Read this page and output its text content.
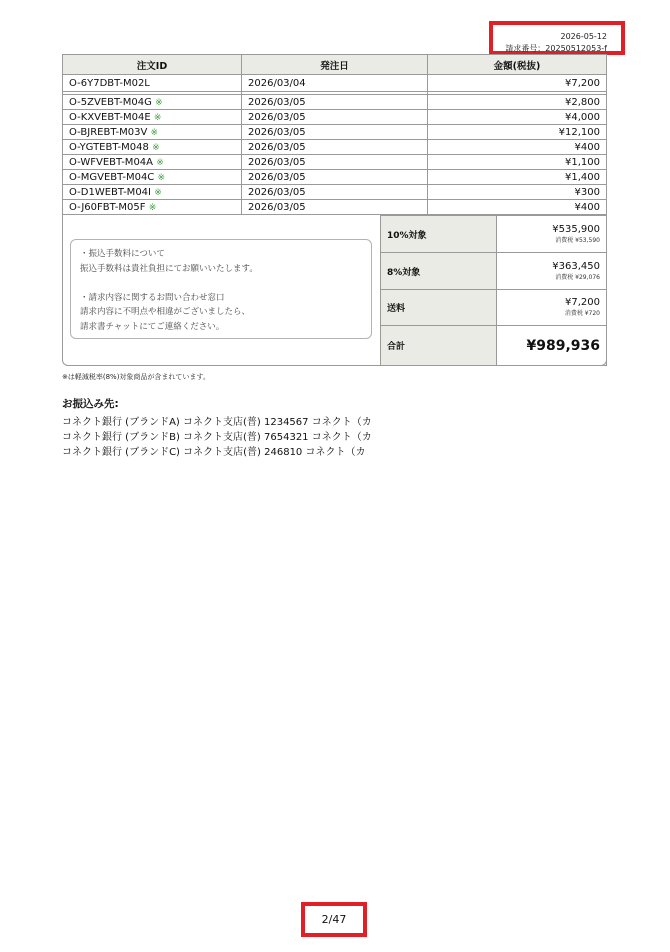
2026-05-12
請求番号：20250512053-f
注文ID	発注日	金額(税抜)
O-6Y7DBT-M02L	2026/03/04	¥7,200

O-5ZVEBT-M04G ※	2026/03/05	¥2,800
O-KXVEBT-M04E ※	2026/03/05	¥4,000
O-BJREBT-M03V ※	2026/03/05	¥12,100
O-YGTEBT-M048 ※	2026/03/05	¥400
O-WFVEBT-M04A ※	2026/03/05	¥1,100
O-MGVEBT-M04C ※	2026/03/05	¥1,400
O-D1WEBT-M04I ※	2026/03/05	¥300
O-J60FBT-M05F ※	2026/03/05	¥400
・振込手数料について
振込手数料は貴社負担にてお願いいたします。
・請求内容に関するお問い合わせ窓口
請求内容に不明点や相違がございましたら、
請求書チャットにてご連絡ください。
10%対象	¥535,900
消費税 ¥53,590

8%対象	¥363,450
消費税 ¥29,076

送料	¥7,200
消費税 ¥720

合計	¥989,936
※は軽減税率(8%)対象商品が含まれています。
お振込み先:
コネクト銀行 (ブランドA) コネクト支店(普) 1234567 コネクト（カ
コネクト銀行 (ブランドB) コネクト支店(普) 7654321 コネクト（カ
コネクト銀行 (ブランドC) コネクト支店(普) 246810 コネクト（カ
2/47
